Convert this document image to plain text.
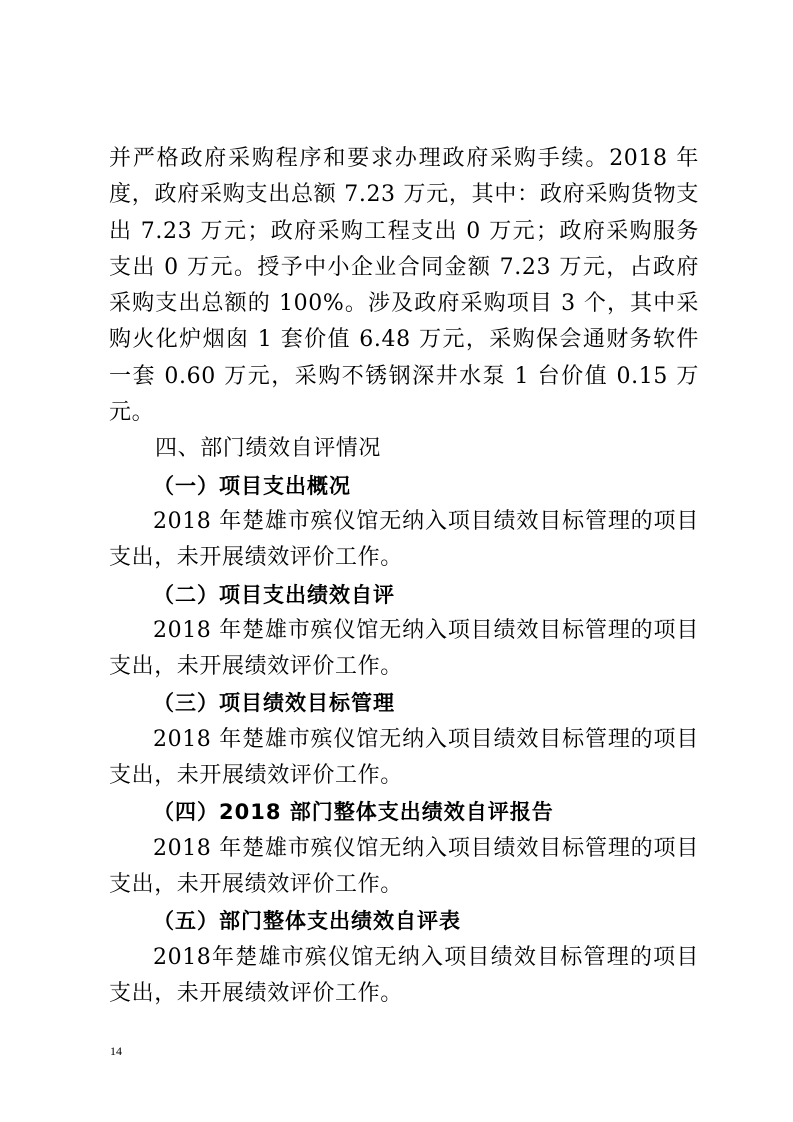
并严格政府采购程序和要求办理政府采购手续。2018 年度，政府采购支出总额 7.23 万元，其中：政府采购货物支出 7.23 万元；政府采购工程支出 0 万元；政府采购服务支出 0 万元。授予中小企业合同金额 7.23 万元，占政府采购支出总额的 100%。涉及政府采购项目 3 个，其中采购火化炉烟囱 1 套价值 6.48 万元，采购保会通财务软件一套 0.60 万元，采购不锈钢深井水泵 1 台价值 0.15 万元。

四、部门绩效自评情况

（一）项目支出概况

2018 年楚雄市殡仪馆无纳入项目绩效目标管理的项目支出，未开展绩效评价工作。

（二）项目支出绩效自评

2018 年楚雄市殡仪馆无纳入项目绩效目标管理的项目支出，未开展绩效评价工作。

（三）项目绩效目标管理

2018 年楚雄市殡仪馆无纳入项目绩效目标管理的项目支出，未开展绩效评价工作。

（四）2018 部门整体支出绩效自评报告

2018 年楚雄市殡仪馆无纳入项目绩效目标管理的项目支出，未开展绩效评价工作。

（五）部门整体支出绩效自评表

2018年楚雄市殡仪馆无纳入项目绩效目标管理的项目支出，未开展绩效评价工作。

14
